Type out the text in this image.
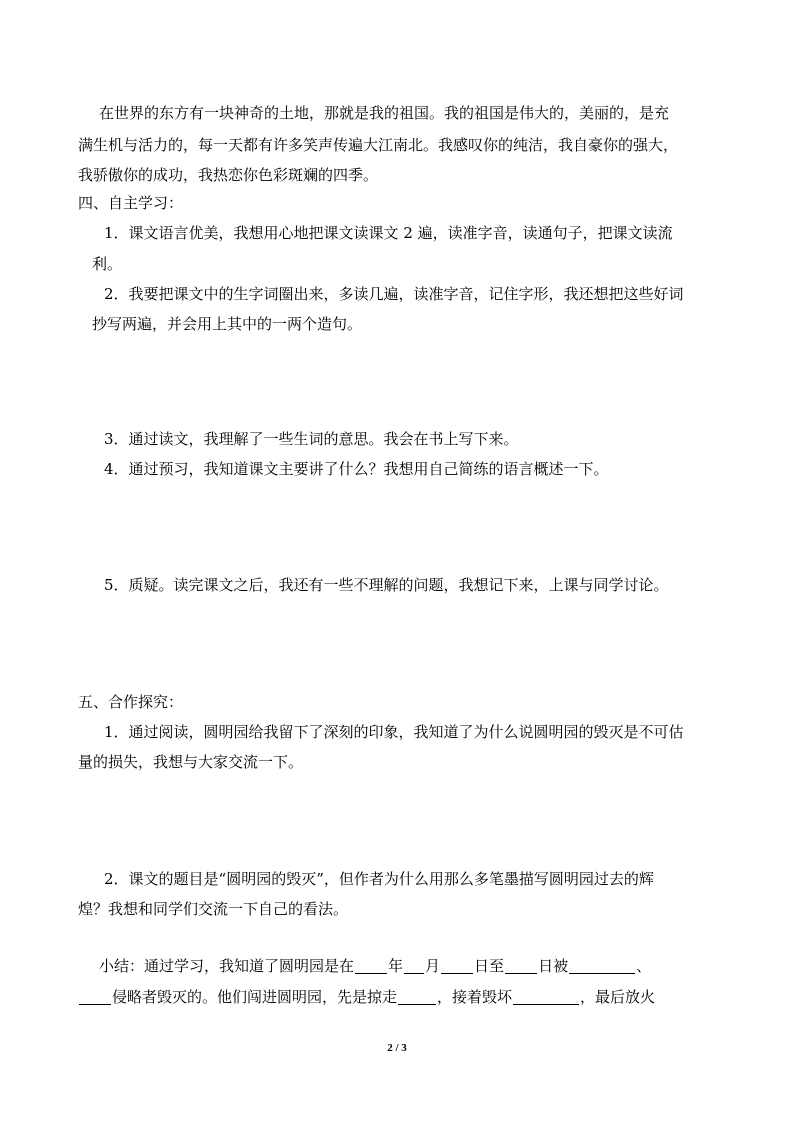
在世界的东方有一块神奇的土地，那就是我的祖国。我的祖国是伟大的，美丽的，是充
满生机与活力的，每一天都有许多笑声传遍大江南北。我感叹你的纯洁，我自豪你的强大，
我骄傲你的成功，我热恋你色彩斑斓的四季。
四、自主学习：
1．课文语言优美，我想用心地把课文读课文 2 遍，读准字音，读通句子，把课文读流
利。
2．我要把课文中的生字词圈出来，多读几遍，读准字音，记住字形，我还想把这些好词
抄写两遍，并会用上其中的一两个造句。
3．通过读文，我理解了一些生词的意思。我会在书上写下来。
4．通过预习，我知道课文主要讲了什么？我想用自己简练的语言概述一下。
5．质疑。读完课文之后，我还有一些不理解的问题，我想记下来，上课与同学讨论。
五、合作探究：
1．通过阅读，圆明园给我留下了深刻的印象，我知道了为什么说圆明园的毁灭是不可估
量的损失，我想与大家交流一下。
2．课文的题目是“圆明园的毁灭”，但作者为什么用那么多笔墨描写圆明园过去的辉
煌？我想和同学们交流一下自己的看法。
小结：通过学习，我知道了圆明园是在 年 月 日至 日被	、
侵略者毁灭的。他们闯进圆明园，先是掠走	，接着毁坏	，最后放火
2 / 3
